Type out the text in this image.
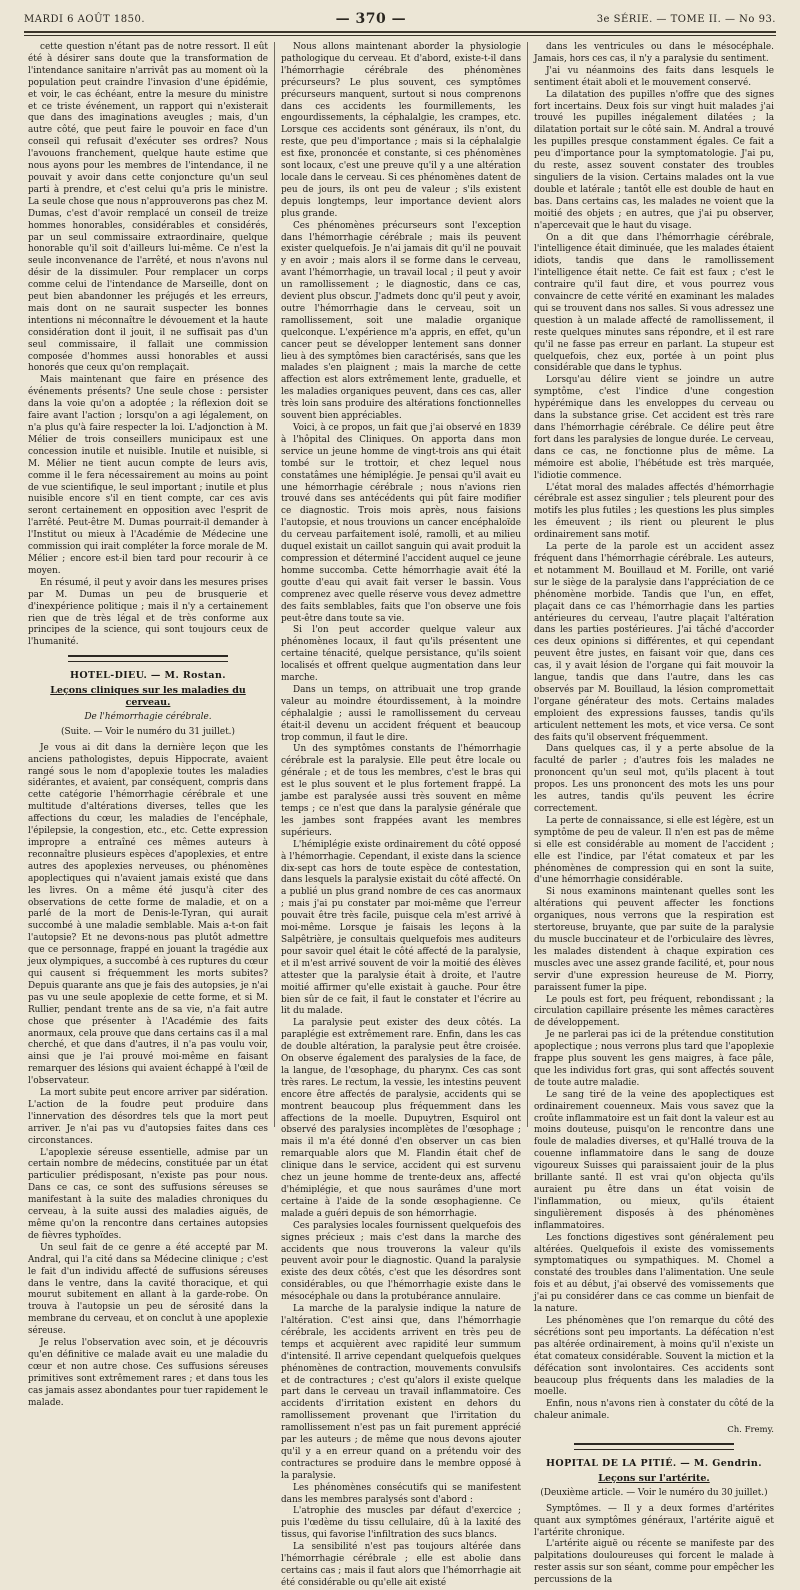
MARDI 6 AOÛT 1850.	— 370 —	3e SÉRIE. — TOME II. — No 93.

cette question n'étant pas de notre ressort. Il eût été à désirer sans doute que la transformation de l'intendance sanitaire n'arrivât pas au moment où la population peut craindre l'invasion d'une épidémie, et voir, le cas échéant, entre la mesure du ministre et ce triste événement, un rapport qui n'existerait que dans des imaginations aveugles ; mais, d'un autre côté, que peut faire le pouvoir en face d'un conseil qui refusait d'exécuter ses ordres? Nous l'avouons franchement, quelque haute estime que nous ayons pour les membres de l'intendance, il ne pouvait y avoir dans cette conjoncture qu'un seul parti à prendre, et c'est celui qu'a pris le ministre. La seule chose que nous n'approuverons pas chez M. Dumas, c'est d'avoir remplacé un conseil de treize hommes honorables, considérables et considérés, par un seul commissaire extraordinaire, quelque honorable qu'il soit d'ailleurs lui-même. Ce n'est la seule inconvenance de l'arrêté, et nous n'avons nul désir de la dissimuler. Pour remplacer un corps comme celui de l'intendance de Marseille, dont on peut bien abandonner les préjugés et les erreurs, mais dont on ne saurait suspecter les bonnes intentions ni méconnaître le dévouement et la haute considération dont il jouit, il ne suffisait pas d'un seul commissaire, il fallait une commission composée d'hommes aussi honorables et aussi honorés que ceux qu'on remplaçait.

Mais maintenant que faire en présence des événements présents? Une seule chose : persister dans la voie qu'on a adoptée ; la réflexion doit se faire avant l'action ; lorsqu'on a agi légalement, on n'a plus qu'à faire respecter la loi. L'adjonction à M. Mélier de trois conseillers municipaux est une concession inutile et nuisible. Inutile et nuisible, si M. Mélier ne tient aucun compte de leurs avis, comme il le fera nécessairement au moins au point de vue scientifique, le seul important ; inutile et plus nuisible encore s'il en tient compte, car ces avis seront certainement en opposition avec l'esprit de l'arrêté. Peut-être M. Dumas pourrait-il demander à l'Institut ou mieux à l'Académie de Médecine une commission qui irait compléter la force morale de M. Mélier ; encore est-il bien tard pour recourir à ce moyen.

En résumé, il peut y avoir dans les mesures prises par M. Dumas un peu de brusquerie et d'inexpérience politique ; mais il n'y a certainement rien que de très légal et de très conforme aux principes de la science, qui sont toujours ceux de l'humanité.

HOTEL-DIEU. — M. Rostan.

Leçons cliniques sur les maladies du cerveau.

De l'hémorrhagie cérébrale.

(Suite. — Voir le numéro du 31 juillet.)

Je vous ai dit dans la dernière leçon que les anciens pathologistes, depuis Hippocrate, avaient rangé sous le nom d'apoplexie toutes les maladies sidérantes, et avaient, par conséquent, compris dans cette catégorie l'hémorrhagie cérébrale et une multitude d'altérations diverses, telles que les affections du cœur, les maladies de l'encéphale, l'épilepsie, la congestion, etc., etc. Cette expression impropre a entraîné ces mêmes auteurs à reconnaître plusieurs espèces d'apoplexies, et entre autres des apoplexies nerveuses, ou phénomènes apoplectiques qui n'avaient jamais existé que dans les livres. On a même été jusqu'à citer des observations de cette forme de maladie, et on a parlé de la mort de Denis-le-Tyran, qui aurait succombé à une maladie semblable. Mais a-t-on fait l'autopsie? Et ne devons-nous pas plutôt admettre que ce personnage, frappé en jouant la tragédie aux jeux olympiques, a succombé à ces ruptures du cœur qui causent si fréquemment les morts subites? Depuis quarante ans que je fais des autopsies, je n'ai pas vu une seule apoplexie de cette forme, et si M. Rullier, pendant trente ans de sa vie, n'a fait autre chose que présenter à l'Académie des faits anormaux, cela prouve que dans certains cas il a mal cherché, et que dans d'autres, il n'a pas voulu voir, ainsi que je l'ai prouvé moi-même en faisant remarquer des lésions qui avaient échappé à l'œil de l'observateur.

La mort subite peut encore arriver par sidération. L'action de la foudre peut produire dans l'innervation des désordres tels que la mort peut arriver. Je n'ai pas vu d'autopsies faites dans ces circonstances.

L'apoplexie séreuse essentielle, admise par un certain nombre de médecins, constituée par un état particulier prédisposant, n'existe pas pour nous. Dans ce cas, ce sont des suffusions séreuses se manifestant à la suite des maladies chroniques du cerveau, à la suite aussi des maladies aiguës, de même qu'on la rencontre dans certaines autopsies de fièvres typhoïdes.

Un seul fait de ce genre a été accepté par M. Andral, qui l'a cité dans sa Médecine clinique ; c'est le fait d'un individu affecté de suffusions séreuses dans le ventre, dans la cavité thoracique, et qui mourut subitement en allant à la garde-robe. On trouva à l'autopsie un peu de sérosité dans la membrane du cerveau, et on conclut à une apoplexie séreuse.

Je relus l'observation avec soin, et je découvris qu'en définitive ce malade avait eu une maladie du cœur et non autre chose. Ces suffusions séreuses primitives sont extrêmement rares ; et dans tous les cas jamais assez abondantes pour tuer rapidement le malade.

Nous allons maintenant aborder la physiologie pathologique du cerveau. Et d'abord, existe-t-il dans l'hémorrhagie cérébrale des phénomènes précurseurs? Le plus souvent, ces symptômes précurseurs manquent, surtout si nous comprenons dans ces accidents les fourmillements, les engourdissements, la céphalalgie, les crampes, etc. Lorsque ces accidents sont généraux, ils n'ont, du reste, que peu d'importance ; mais si la céphalalgie est fixe, prononcée et constante, si ces phénomènes sont locaux, c'est une preuve qu'il y a une altération locale dans le cerveau. Si ces phénomènes datent de peu de jours, ils ont peu de valeur ; s'ils existent depuis longtemps, leur importance devient alors plus grande.

Ces phénomènes précurseurs sont l'exception dans l'hémorrhagie cérébrale ; mais ils peuvent exister quelquefois. Je n'ai jamais dit qu'il ne pouvait y en avoir ; mais alors il se forme dans le cerveau, avant l'hémorrhagie, un travail local ; il peut y avoir un ramollissement ; le diagnostic, dans ce cas, devient plus obscur. J'admets donc qu'il peut y avoir, outre l'hémorrhagie dans le cerveau, soit un ramollissement, soit une maladie organique quelconque. L'expérience m'a appris, en effet, qu'un cancer peut se développer lentement sans donner lieu à des symptômes bien caractérisés, sans que les malades s'en plaignent ; mais la marche de cette affection est alors extrêmement lente, graduelle, et les maladies organiques peuvent, dans ces cas, aller très loin sans produire des altérations fonctionnelles souvent bien appréciables.

Voici, à ce propos, un fait que j'ai observé en 1839 à l'hôpital des Cliniques. On apporta dans mon service un jeune homme de vingt-trois ans qui était tombé sur le trottoir, et chez lequel nous constatâmes une hémiplégie. Je pensai qu'il avait eu une hémorrhagie cérébrale ; nous n'avions rien trouvé dans ses antécédents qui pût faire modifier ce diagnostic. Trois mois après, nous faisions l'autopsie, et nous trouvions un cancer encéphaloïde du cerveau parfaitement isolé, ramolli, et au milieu duquel existait un caillot sanguin qui avait produit la compression et déterminé l'accident auquel ce jeune homme succomba. Cette hémorrhagie avait été la goutte d'eau qui avait fait verser le bassin. Vous comprenez avec quelle réserve vous devez admettre des faits semblables, faits que l'on observe une fois peut-être dans toute sa vie.

Si l'on peut accorder quelque valeur aux phénomènes locaux, il faut qu'ils présentent une certaine ténacité, quelque persistance, qu'ils soient localisés et offrent quelque augmentation dans leur marche.

Dans un temps, on attribuait une trop grande valeur au moindre étourdissement, à la moindre céphalalgie ; aussi le ramollissement du cerveau était-il devenu un accident fréquent et beaucoup trop commun, il faut le dire.

Un des symptômes constants de l'hémorrhagie cérébrale est la paralysie. Elle peut être locale ou générale ; et de tous les membres, c'est le bras qui est le plus souvent et le plus fortement frappé. La jambe est paralysée aussi très souvent en même temps ; ce n'est que dans la paralysie générale que les jambes sont frappées avant les membres supérieurs.

L'hémiplégie existe ordinairement du côté opposé à l'hémorrhagie. Cependant, il existe dans la science dix-sept cas hors de toute espèce de contestation, dans lesquels la paralysie existait du côté affecté. On a publié un plus grand nombre de ces cas anormaux ; mais j'ai pu constater par moi-même que l'erreur pouvait être très facile, puisque cela m'est arrivé à moi-même. Lorsque je faisais les leçons à la Salpêtrière, je consultais quelquefois mes auditeurs pour savoir quel était le côté affecté de la paralysie, et il m'est arrivé souvent de voir la moitié des élèves attester que la paralysie était à droite, et l'autre moitié affirmer qu'elle existait à gauche. Pour être bien sûr de ce fait, il faut le constater et l'écrire au lit du malade.

La paralysie peut exister des deux côtés. La paraplégie est extrêmement rare. Enfin, dans les cas de double altération, la paralysie peut être croisée. On observe également des paralysies de la face, de la langue, de l'œsophage, du pharynx. Ces cas sont très rares. Le rectum, la vessie, les intestins peuvent encore être affectés de paralysie, accidents qui se montrent beaucoup plus fréquemment dans les affections de la moelle. Dupuytren, Esquirol ont observé des paralysies incomplètes de l'œsophage ; mais il m'a été donné d'en observer un cas bien remarquable alors que M. Flandin était chef de clinique dans le service, accident qui est survenu chez un jeune homme de trente-deux ans, affecté d'hémiplégie, et que nous saurâmes d'une mort certaine à l'aide de la sonde œsophagienne. Ce malade a guéri depuis de son hémorrhagie.

Ces paralysies locales fournissent quelquefois des signes précieux ; mais c'est dans la marche des accidents que nous trouverons la valeur qu'ils peuvent avoir pour le diagnostic. Quand la paralysie existe des deux côtés, c'est que les désordres sont considérables, ou que l'hémorrhagie existe dans le mésocéphale ou dans la protubérance annulaire.

La marche de la paralysie indique la nature de l'altération. C'est ainsi que, dans l'hémorrhagie cérébrale, les accidents arrivent en très peu de temps et acquièrent avec rapidité leur summum d'intensité. Il arrive cependant quelquefois quelques phénomènes de contraction, mouvements convulsifs et de contractures ; c'est qu'alors il existe quelque part dans le cerveau un travail inflammatoire. Ces accidents d'irritation existent en dehors du ramollissement provenant que l'irritation du ramollissement n'est pas un fait purement apprécié par les auteurs ; de même que nous devons ajouter qu'il y a en erreur quand on a prétendu voir des contractures se produire dans le membre opposé à la paralysie.

Les phénomènes consécutifs qui se manifestent dans les membres paralysés sont d'abord :

L'atrophie des muscles par défaut d'exercice ; puis l'œdème du tissu cellulaire, dû à la laxité des tissus, qui favorise l'infiltration des sucs blancs.

La sensibilité n'est pas toujours altérée dans l'hémorrhagie cérébrale ; elle est abolie dans certains cas ; mais il faut alors que l'hémorrhagie ait été considérable ou qu'elle ait existé

dans les ventricules ou dans le mésocéphale. Jamais, hors ces cas, il n'y a paralysie du sentiment.

J'ai vu néanmoins des faits dans lesquels le sentiment était aboli et le mouvement conservé.

La dilatation des pupilles n'offre que des signes fort incertains. Deux fois sur vingt huit malades j'ai trouvé les pupilles inégalement dilatées ; la dilatation portait sur le côté sain. M. Andral a trouvé les pupilles presque constamment égales. Ce fait a peu d'importance pour la symptomatologie. J'ai pu, du reste, assez souvent constater des troubles singuliers de la vision. Certains malades ont la vue double et latérale ; tantôt elle est double de haut en bas. Dans certains cas, les malades ne voient que la moitié des objets ; en autres, que j'ai pu observer, n'apercevait que le haut du visage.

On a dit que dans l'hémorrhagie cérébrale, l'intelligence était diminuée, que les malades étaient idiots, tandis que dans le ramollissement l'intelligence était nette. Ce fait est faux ; c'est le contraire qu'il faut dire, et vous pourrez vous convaincre de cette vérité en examinant les malades qui se trouvent dans nos salles. Si vous adressez une question à un malade affecté de ramollissement, il reste quelques minutes sans répondre, et il est rare qu'il ne fasse pas erreur en parlant. La stupeur est quelquefois, chez eux, portée à un point plus considérable que dans le typhus.

Lorsqu'au délire vient se joindre un autre symptôme, c'est l'indice d'une congestion hypérémique dans les enveloppes du cerveau ou dans la substance grise. Cet accident est très rare dans l'hémorrhagie cérébrale. Ce délire peut être fort dans les paralysies de longue durée. Le cerveau, dans ce cas, ne fonctionne plus de même. La mémoire est abolie, l'hébétude est très marquée, l'idiotie commence.

L'état moral des malades affectés d'hémorrhagie cérébrale est assez singulier ; tels pleurent pour des motifs les plus futiles ; les questions les plus simples les émeuvent ; ils rient ou pleurent le plus ordinairement sans motif.

La perte de la parole est un accident assez fréquent dans l'hémorrhagie cérébrale. Les auteurs, et notamment M. Bouillaud et M. Forille, ont varié sur le siège de la paralysie dans l'appréciation de ce phénomène morbide. Tandis que l'un, en effet, plaçait dans ce cas l'hémorrhagie dans les parties antérieures du cerveau, l'autre plaçait l'altération dans les parties postérieures. J'ai tâché d'accorder ces deux opinions si différentes, et qui cependant peuvent être justes, en faisant voir que, dans ces cas, il y avait lésion de l'organe qui fait mouvoir la langue, tandis que dans l'autre, dans les cas observés par M. Bouillaud, la lésion compromettait l'organe générateur des mots. Certains malades emploient des expressions fausses, tandis qu'ils articulent nettement les mots, et vice versa. Ce sont des faits qu'il observent fréquemment.

Dans quelques cas, il y a perte absolue de la faculté de parler ; d'autres fois les malades ne prononcent qu'un seul mot, qu'ils placent à tout propos. Les uns prononcent des mots les uns pour les autres, tandis qu'ils peuvent les écrire correctement.

La perte de connaissance, si elle est légère, est un symptôme de peu de valeur. Il n'en est pas de même si elle est considérable au moment de l'accident ; elle est l'indice, par l'état comateux et par les phénomènes de compression qui en sont la suite, d'une hémorrhagie considérable.

Si nous examinons maintenant quelles sont les altérations qui peuvent affecter les fonctions organiques, nous verrons que la respiration est stertoreuse, bruyante, que par suite de la paralysie du muscle buccinateur et de l'orbiculaire des lèvres, les malades distendent à chaque expiration ces muscles avec une assez grande facilité, et, pour nous servir d'une expression heureuse de M. Piorry, paraissent fumer la pipe.

Le pouls est fort, peu fréquent, rebondissant ; la circulation capillaire présente les mêmes caractères de développement.

Je ne parlerai pas ici de la prétendue constitution apoplectique ; nous verrons plus tard que l'apoplexie frappe plus souvent les gens maigres, à face pâle, que les individus fort gras, qui sont affectés souvent de toute autre maladie.

Le sang tiré de la veine des apoplectiques est ordinairement couenneux. Mais vous savez que la croûte inflammatoire est un fait dont la valeur est au moins douteuse, puisqu'on le rencontre dans une foule de maladies diverses, et qu'Hallé trouva de la couenne inflammatoire dans le sang de douze vigoureux Suisses qui paraissaient jouir de la plus brillante santé. Il est vrai qu'on objecta qu'ils auraient pu être dans un état voisin de l'inflammation, ou mieux, qu'ils étaient singulièrement disposés à des phénomènes inflammatoires.

Les fonctions digestives sont généralement peu altérées. Quelquefois il existe des vomissements symptomatiques ou sympathiques. M. Chomel a constaté des troubles dans l'alimentation. Une seule fois et au début, j'ai observé des vomissements que j'ai pu considérer dans ce cas comme un bienfait de la nature.

Les phénomènes que l'on remarque du côté des sécrétions sont peu importants. La défécation n'est pas altérée ordinairement, à moins qu'il n'existe un état comateux considérable. Souvent la miction et la défécation sont involontaires. Ces accidents sont beaucoup plus fréquents dans les maladies de la moelle.

Enfin, nous n'avons rien à constater du côté de la chaleur animale.

Ch. Fremy.

HOPITAL DE LA PITIÉ. — M. Gendrin.

Leçons sur l'artérite.

(Deuxième article. — Voir le numéro du 30 juillet.)

Symptômes. — Il y a deux formes d'artérites quant aux symptômes généraux, l'artérite aiguë et l'artérite chronique.

L'artérite aiguë ou récente se manifeste par des palpitations douloureuses qui forcent le malade à rester assis sur son séant, comme pour empêcher les percussions de la
